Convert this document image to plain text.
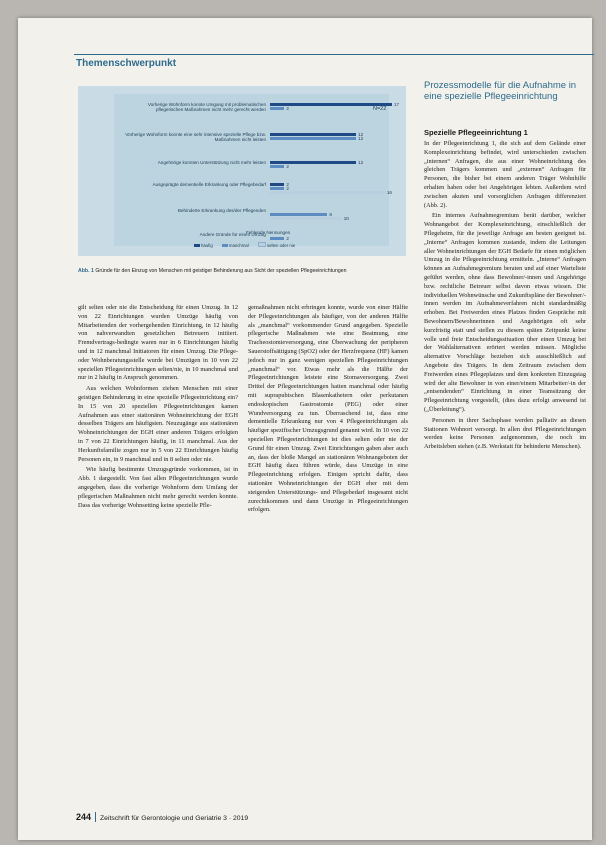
Themenschwerpunkt
N=22
Fehlende Nennungen
häufig	manchmal	selten oder nie
Abb. 1 Gründe für den Einzug von Menschen mit geistiger Behinderung aus Sicht der speziellen Pflegeeinrichtungen
Prozessmodelle für die Aufnahme in eine spezielle Pflegeeinrichtung

gilt selten oder nie die Entscheidung für einen Umzug. In 12 von 22 Einrichtungen wurden Umzüge häufig von Mitarbeitenden der vorhergehenden Einrichtung, in 12 häufig von nahverwandten gesetzlichen Betreuern initiiert. Fremdvertrags-bedingte waren nur in 6 Einrichtungen häufig und in 12 manchmal Initiatoren für einen Umzug. Die Pflege- oder Wohnberatungsstelle wurde bei Umzügen in 10 von 22 speziellen Pflegeeinrichtungen selten/nie, in 10 manchmal und nur in 2 häufig in Anspruch genommen.

Aus welchen Wohnformen ziehen Menschen mit einer geistigen Behinderung in eine spezielle Pflegeeinrichtung ein? In 15 von 20 speziellen Pflegeeinrichtungen kamen Aufnahmen aus einer stationären Wohneinrichtung der EGH desselben Trägers am häufigsten. Neuzugänge aus stationären Wohneinrichtungen der EGH einer anderen Trägers erfolgten in 7 von 22 Einrichtungen häufig, in 11 manchmal. Aus der Herkunftsfamilie zogen nur in 5 von 22 Einrichtungen häufig Personen ein, in 9 manchmal und in 8 selten oder nie.

Wie häufig bestimmte Umzugsgründe vorkommen, ist in Abb. 1 dargestellt. Von fast allen Pflegeeinrichtungen wurde angegeben, dass die vorherige Wohnform dem Umfang der pflegerischen Maßnahmen nicht mehr gerecht werden konnte. Dass das vorherige Wohnsetting keine spezielle Pfle-

gemaßnahmen nicht erbringen konnte, wurde von einer Hälfte der Pflegeeinrichtungen als häufiger, von der anderen Hälfte als „manchmal“ vorkommender Grund angegeben. Spezielle pflegerische Maßnahmen wie eine Beatmung, eine Tracheostomieversorgung, eine Überwachung der peripheren Sauerstoffsättigung (SpO2) oder der Herzfrequenz (HF) kamen jedoch nur in ganz wenigen speziellen Pflegeeinrichtungen „manchmal“ vor. Etwas mehr als die Hälfte der Pflegeeinrichtungen leistete eine Stomaversorgung. Zwei Drittel der Pflegeeinrichtungen hatten manchmal oder häufig mit suprapubischen Blasenkathetern oder perkutanen endoskopischen Gastrostomie (PEG) oder einer Wundversorgung zu tun. Überraschend ist, dass eine dementielle Erkrankung nur von 4 Pflegeeinrichtungen als häufiger spezifischer Umzugsgrund genannt wird. In 10 von 22 speziellen Pflegeeinrichtungen ist dies selten oder nie der Grund für einen Umzug. Zwei Einrichtungen gaben aber auch an, dass der bloße Mangel an stationären Wohnangeboten der EGH häufig dazu führen würde, dass Umzüge in eine Pflegeeinrichtung erfolgen. Einigen spricht dafür, dass stationäre Wohneinrichtungen der EGH eher mit dem steigenden Unterstützungs- und Pflegebedarf insgesamt nicht zurechtkommen und dann Umzüge in Pflegeeinrichtungen erfolgen.

Spezielle Pflegeeinrichtung 1

In der Pflegeeinrichtung 1, die sich auf dem Gelände einer Komplexeinrichtung befindet, wird unterschieden zwischen „internen“ Anfragen, die aus einer Wohneinrichtung des gleichen Trägers kommen und „externen“ Anfragen für Personen, die bisher bei einem anderen Träger Wohnhilfe erhalten haben oder bei Angehörigen lebten. Außerdem wird zwischen akuten und vorsorglichen Anfragen differenziert (Abb. 2).

Ein internes Aufnahmegremium berät darüber, welcher Wohnangebot der Komplexeinrichtung, einschließlich der Pflegeheim, für die jeweilige Anfrage am besten geeignet ist. „Interne“ Anfragen kommen zustande, indem die Leitungen aller Wohneinrichtungen der EGH Bedarfe für einen möglichen Umzug in die Pflegeeinrichtung ermitteln. „Interne“ Anfragen können an Aufnahmegremium beraten und auf einer Warteliste geführt werden, ohne dass Bewohner/-innen und Angehörige bzw. rechtliche Betreuer selbst davon etwas wissen. Die individuellen Wohnwünsche und Zukunftspläne der Bewohner/-innen werden im Aufnahmeverfahren nicht standardmäßig erhoben. Bei Freiwerden eines Platzes finden Gespräche mit Bewohnern/Bewohnerinnen und Angehörigen oft sehr kurzfristig statt und stellen zu diesem späten Zeitpunkt keine volle und freie Entscheidungssituation über einen Umzug bei der Wahlalternativen erörtert werden müssen. Mögliche alternative Vorschläge beziehen sich ausschließlich auf Angebote des Trägers. In dem Zeitraum zwischen dem Freiwerden eines Pflegeplatzes und dem konkreten Einzugstag wird der alte Bewohner in von einer/einem Mitarbeiter/-in der „entsendenden“ Einrichtung in einer Teamsitzung der Pflegeeinrichtung vorgestellt, (dies dazu erfolgt anwesend ist („Überleitung“).

Personen in ihrer Sachsphase werden palliativ an diesen Stationen Wohnort versorgt. In allen drei Pflegeeinrichtungen werden keine Personen aufgenommen, die noch im Arbeitsleben stehen (z.B. Werkstatt für behinderte Menschen).

244 Zeitschrift für Gerontologie und Geriatrie 3 · 2019
Vorherige Wohnform konnte Umgang mit problematischen pflegerischen Maßnahmen nicht mehr gerecht werden
17
2
Vorherige Wohnform konnte eine sehr intensive spezielle Pflege bzw. Maßnahmen nicht leisten
12
12
Angehörige konnten Unterstützung nicht mehr leisten	12
2
Ausgeprägte dementielle Erkrankung oder Pflegebedarf	2
2
16
Behinderte Erkrankung des/der Pflegenden
8
10
Andere Gründe für einen Umzug
2
